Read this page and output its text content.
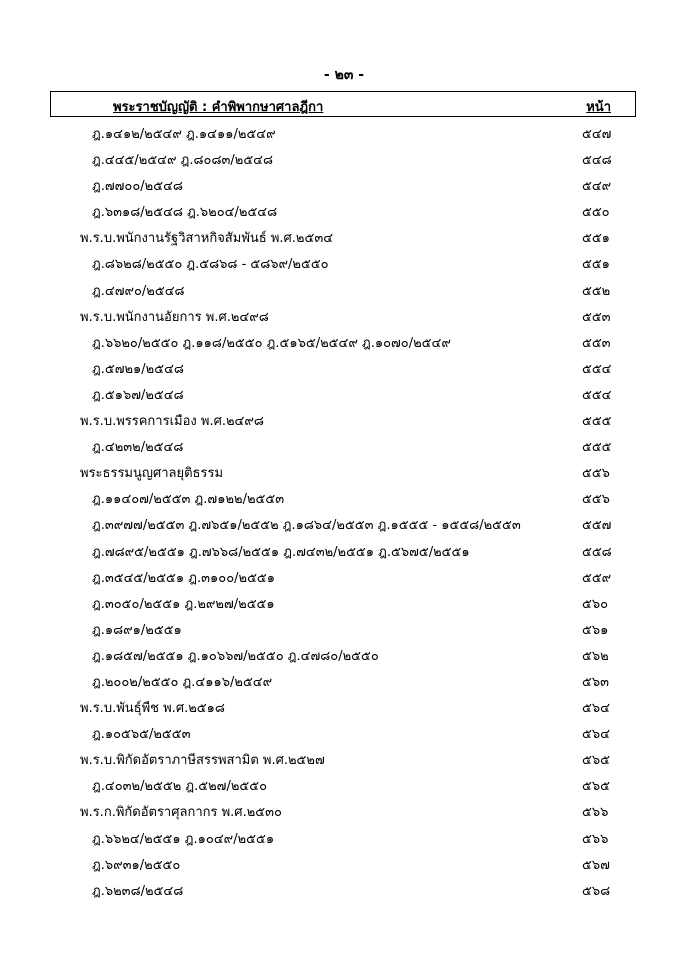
- ๒๓ -
พระราชบัญญัติ : คำพิพากษาศาลฎีกา	หน้า
ฎ.๑๔๑๒/๒๕๔๙ ฎ.๑๔๑๑/๒๕๔๙	๕๔๗
ฎ.๔๔๕/๒๕๔๙ ฎ.๘๐๘๓/๒๕๔๘	๕๔๘
ฎ.๗๗๐๐/๒๕๔๘	๕๔๙
ฎ.๖๓๑๘/๒๕๔๘ ฎ.๖๒๐๔/๒๕๔๘	๕๕๐
พ.ร.บ.พนักงานรัฐวิสาหกิจสัมพันธ์ พ.ศ.๒๕๓๔	๕๕๑
ฎ.๘๖๒๘/๒๕๕๐ ฎ.๕๘๖๘ - ๕๘๖๙/๒๕๕๐	๕๕๑
ฎ.๔๗๙๐/๒๕๔๘	๕๕๒
พ.ร.บ.พนักงานอัยการ พ.ศ.๒๔๙๘	๕๕๓
ฎ.๖๖๒๐/๒๕๕๐ ฎ.๑๑๘/๒๕๕๐ ฎ.๕๑๖๕/๒๕๔๙ ฎ.๑๐๗๐/๒๕๔๙	๕๕๓
ฎ.๕๗๒๑/๒๕๔๘	๕๕๔
ฎ.๕๑๖๗/๒๕๔๘	๕๕๔
พ.ร.บ.พรรคการเมือง พ.ศ.๒๔๙๘	๕๕๕
ฎ.๔๒๓๒/๒๕๔๘	๕๕๕
พระธรรมนูญศาลยุติธรรม	๕๕๖
ฎ.๑๑๔๐๗/๒๕๕๓ ฎ.๗๑๒๒/๒๕๕๓	๕๕๖
ฎ.๓๙๗๗/๒๕๕๓ ฎ.๗๖๕๑/๒๕๕๒ ฎ.๑๘๖๔/๒๕๕๓ ฎ.๑๕๕๕ - ๑๕๕๘/๒๕๕๓	๕๕๗
ฎ.๗๘๙๕/๒๕๕๑ ฎ.๗๖๖๘/๒๕๕๑ ฎ.๗๔๓๒/๒๕๕๑ ฎ.๕๖๗๕/๒๕๕๑	๕๕๘
ฎ.๓๕๔๕/๒๕๕๑ ฎ.๓๑๐๐/๒๕๕๑	๕๕๙
ฎ.๓๐๕๐/๒๕๕๑ ฎ.๒๙๒๗/๒๕๕๑	๕๖๐
ฎ.๑๘๙๑/๒๕๕๑	๕๖๑
ฎ.๑๘๕๗/๒๕๕๑ ฎ.๑๐๖๖๗/๒๕๕๐ ฎ.๔๗๘๐/๒๕๕๐	๕๖๒
ฎ.๒๐๐๒/๒๕๕๐ ฎ.๔๑๑๖/๒๕๔๙	๕๖๓
พ.ร.บ.พันธุ์พืช พ.ศ.๒๕๑๘	๕๖๔
ฎ.๑๐๕๖๕/๒๕๕๓	๕๖๔
พ.ร.บ.พิกัดอัตราภาษีสรรพสามิต พ.ศ.๒๕๒๗	๕๖๕
ฎ.๔๐๓๒/๒๕๕๒ ฎ.๕๒๗/๒๕๕๐	๕๖๕
พ.ร.ก.พิกัดอัตราศุลกากร พ.ศ.๒๕๓๐	๕๖๖
ฎ.๖๖๒๔/๒๕๕๑ ฎ.๑๐๔๙/๒๕๕๑	๕๖๖
ฎ.๖๙๓๑/๒๕๕๐	๕๖๗
ฎ.๖๒๓๘/๒๕๔๘	๕๖๘
